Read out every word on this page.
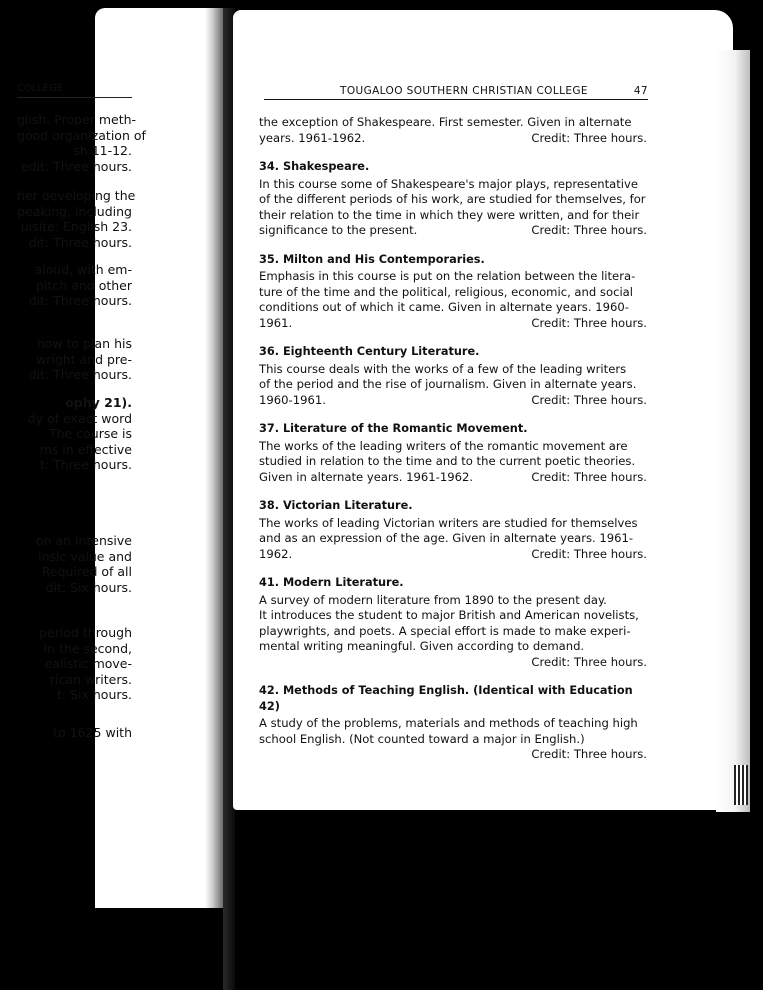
COLLEGE
glish. Proper meth-
good organization of
sh 11-12.
edit: Three hours.
her developing the
peaking, including
uisite: English 23.
dit: Three hours.
aloud, with em-
pitch and other
dit: Three hours.
how to plan his
wright and pre-
dit: Three hours.
ophy 21).
dy of exact word
The course is
ms in effective
t: Three hours.
on an intensive
insic value and
Required of all
dit: Six hours.
period through
in the second,
ealistic move-
rican writers.
t: Six hours.
to 1625 with
TOUGALOO SOUTHERN CHRISTIAN COLLEGE	47

the exception of Shakespeare. First semester. Given in alternate

years. 1961-1962.	Credit: Three hours.
34. Shakespeare.

In this course some of Shakespeare's major plays, representative

of the different periods of his work, are studied for themselves, for

their relation to the time in which they were written, and for their

significance to the present.	Credit: Three hours.
35. Milton and His Contemporaries.

Emphasis in this course is put on the relation between the litera-

ture of the time and the political, religious, economic, and social

conditions out of which it came. Given in alternate years. 1960-

1961.	Credit: Three hours.
36. Eighteenth Century Literature.

This course deals with the works of a few of the leading writers

of the period and the rise of journalism. Given in alternate years.

1960-1961.	Credit: Three hours.
37. Literature of the Romantic Movement.

The works of the leading writers of the romantic movement are

studied in relation to the time and to the current poetic theories.

Given in alternate years. 1961-1962.	Credit: Three hours.
38. Victorian Literature.

The works of leading Victorian writers are studied for themselves

and as an expression of the age. Given in alternate years. 1961-

1962.	Credit: Three hours.
41. Modern Literature.

A survey of modern literature from 1890 to the present day.

It introduces the student to major British and American novelists,

playwrights, and poets. A special effort is made to make experi-

mental writing meaningful. Given according to demand.

Credit: Three hours.
42. Methods of Teaching English. (Identical with Education 42)

A study of the problems, materials and methods of teaching high

school English. (Not counted toward a major in English.)

Credit: Three hours.
